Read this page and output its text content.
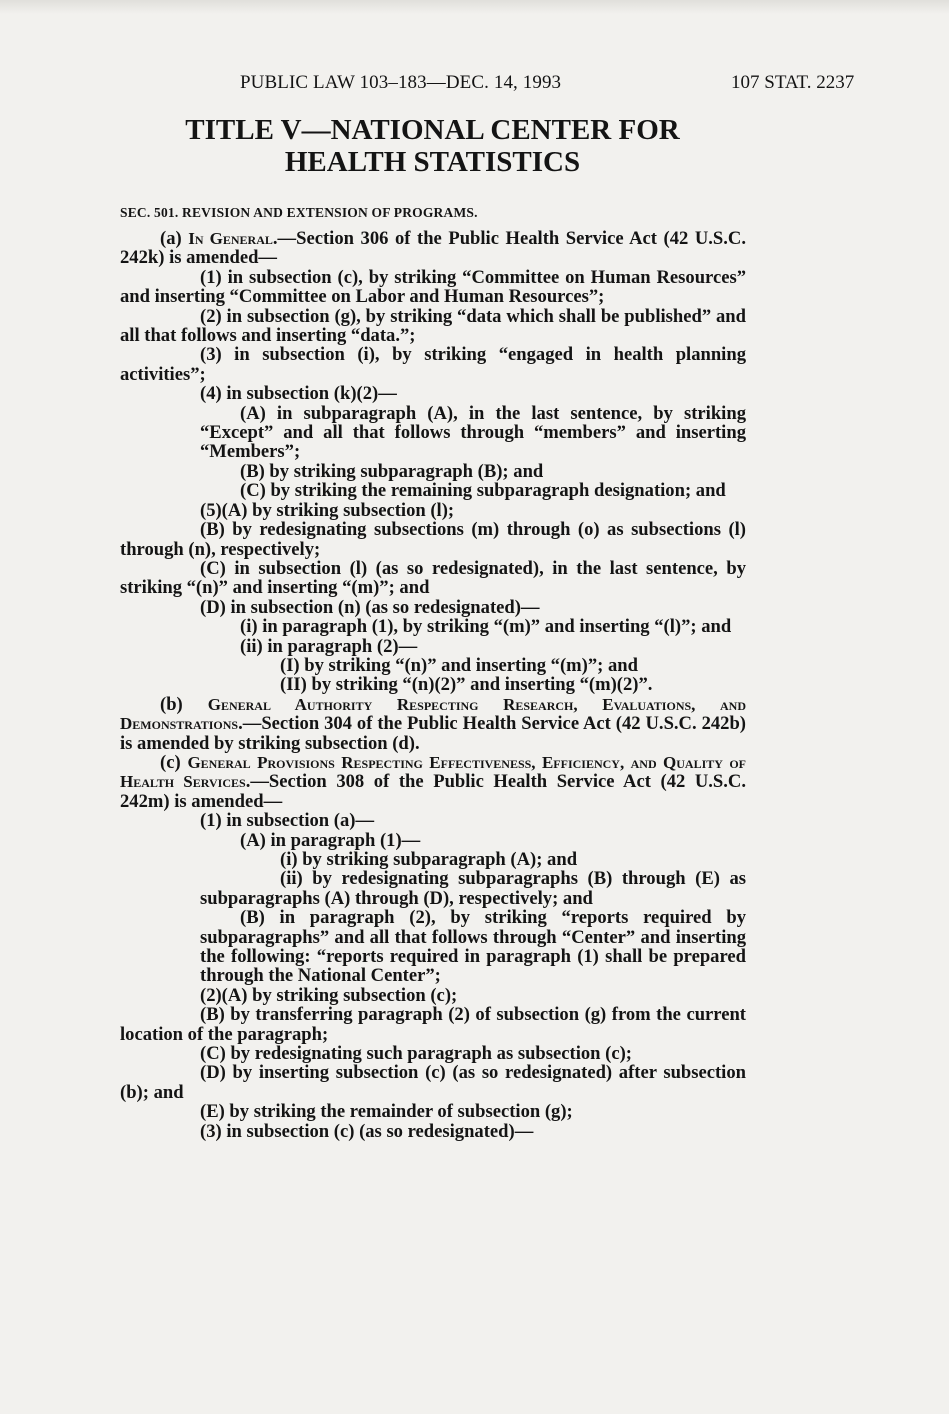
PUBLIC LAW 103–183—DEC. 14, 1993	107 STAT. 2237
TITLE V—NATIONAL CENTER FOR
HEALTH STATISTICS
SEC. 501. REVISION AND EXTENSION OF PROGRAMS.

(a) In General.—Section 306 of the Public Health Service Act (42 U.S.C. 242k) is amended—

(1) in subsection (c), by striking “Committee on Human Resources” and inserting “Committee on Labor and Human Resources”;

(2) in subsection (g), by striking “data which shall be published” and all that follows and inserting “data.”;

(3) in subsection (i), by striking “engaged in health planning activities”;

(4) in subsection (k)(2)—

(A) in subparagraph (A), in the last sentence, by striking “Except” and all that follows through “members” and inserting “Members”;

(B) by striking subparagraph (B); and

(C) by striking the remaining subparagraph designation; and

(5)(A) by striking subsection (l);

(B) by redesignating subsections (m) through (o) as subsections (l) through (n), respectively;

(C) in subsection (l) (as so redesignated), in the last sentence, by striking “(n)” and inserting “(m)”; and

(D) in subsection (n) (as so redesignated)—

(i) in paragraph (1), by striking “(m)” and inserting “(l)”; and

(ii) in paragraph (2)—

(I) by striking “(n)” and inserting “(m)”; and

(II) by striking “(n)(2)” and inserting “(m)(2)”.

(b) General Authority Respecting Research, Evaluations, and Demonstrations.—Section 304 of the Public Health Service Act (42 U.S.C. 242b) is amended by striking subsection (d).

(c) General Provisions Respecting Effectiveness, Efficiency, and Quality of Health Services.—Section 308 of the Public Health Service Act (42 U.S.C. 242m) is amended—

(1) in subsection (a)—

(A) in paragraph (1)—

(i) by striking subparagraph (A); and

(ii) by redesignating subparagraphs (B) through (E) as subparagraphs (A) through (D), respectively; and

(B) in paragraph (2), by striking “reports required by subparagraphs” and all that follows through “Center” and inserting the following: “reports required in paragraph (1) shall be prepared through the National Center”;

(2)(A) by striking subsection (c);

(B) by transferring paragraph (2) of subsection (g) from the current location of the paragraph;

(C) by redesignating such paragraph as subsection (c);

(D) by inserting subsection (c) (as so redesignated) after subsection (b); and

(E) by striking the remainder of subsection (g);

(3) in subsection (c) (as so redesignated)—
